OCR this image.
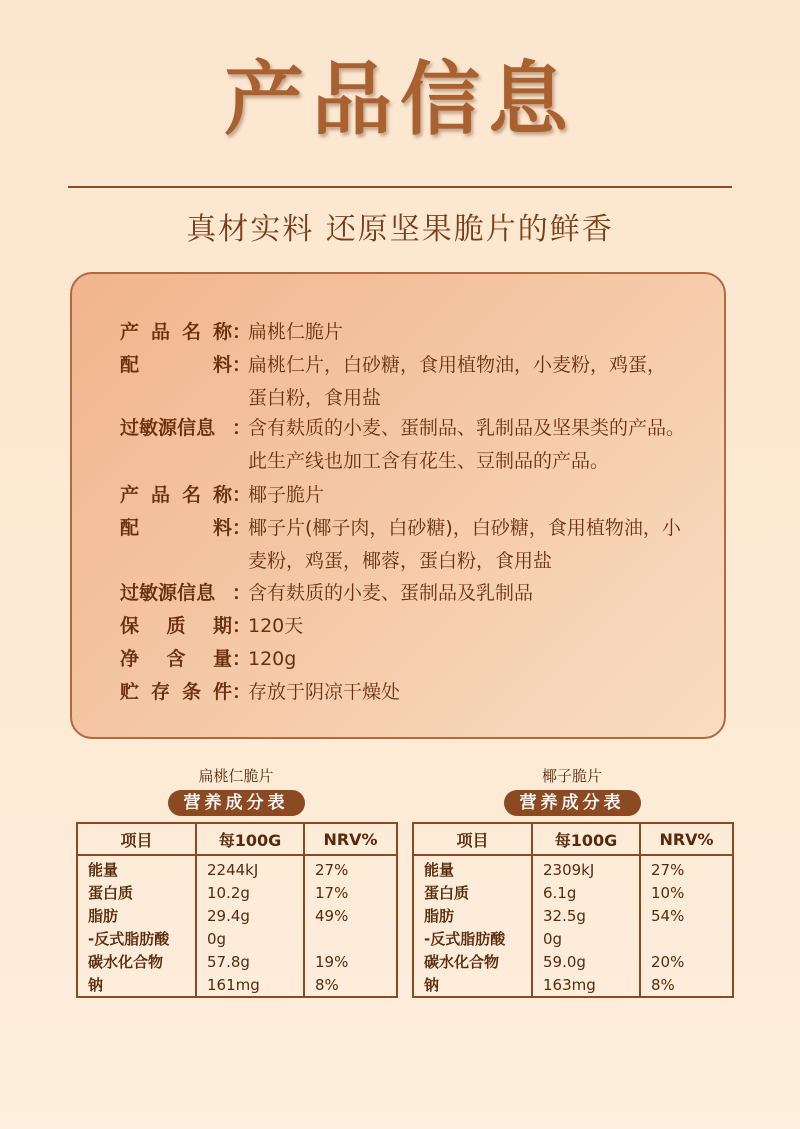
产品信息
真材实料 还原坚果脆片的鲜香
产 品 名 称 ：
扁桃仁脆片
配	料 ：
扁桃仁片，白砂糖，食用植物油，小麦粉，鸡蛋，
蛋白粉，食用盐
过 敏 源 信 息 ：
含有麸质的小麦、蛋制品、乳制品及坚果类的产品。
此生产线也加工含有花生、豆制品的产品。
产 品 名 称 ：
椰子脆片
配	料 ：
椰子片(椰子肉，白砂糖)，白砂糖，食用植物油，小
麦粉，鸡蛋，椰蓉，蛋白粉，食用盐
过 敏 源 信 息 ：
含有麸质的小麦、蛋制品及乳制品
保 质 期 ：
120天
净 含 量 ：
120g
贮 存 条 件 ：
存放于阴凉干燥处
扁桃仁脆片
营养成分表
椰子脆片
营养成分表
项目	每100G	NRV%
能量	2244kJ	27%
蛋白质	10.2g	17%
脂肪	29.4g	49%
-反式脂肪酸	0g	
碳水化合物	57.8g	19%
钠	161mg	8%
项目	每100G	NRV%
能量	2309kJ	27%
蛋白质	6.1g	10%
脂肪	32.5g	54%
-反式脂肪酸	0g	
碳水化合物	59.0g	20%
钠	163mg	8%
